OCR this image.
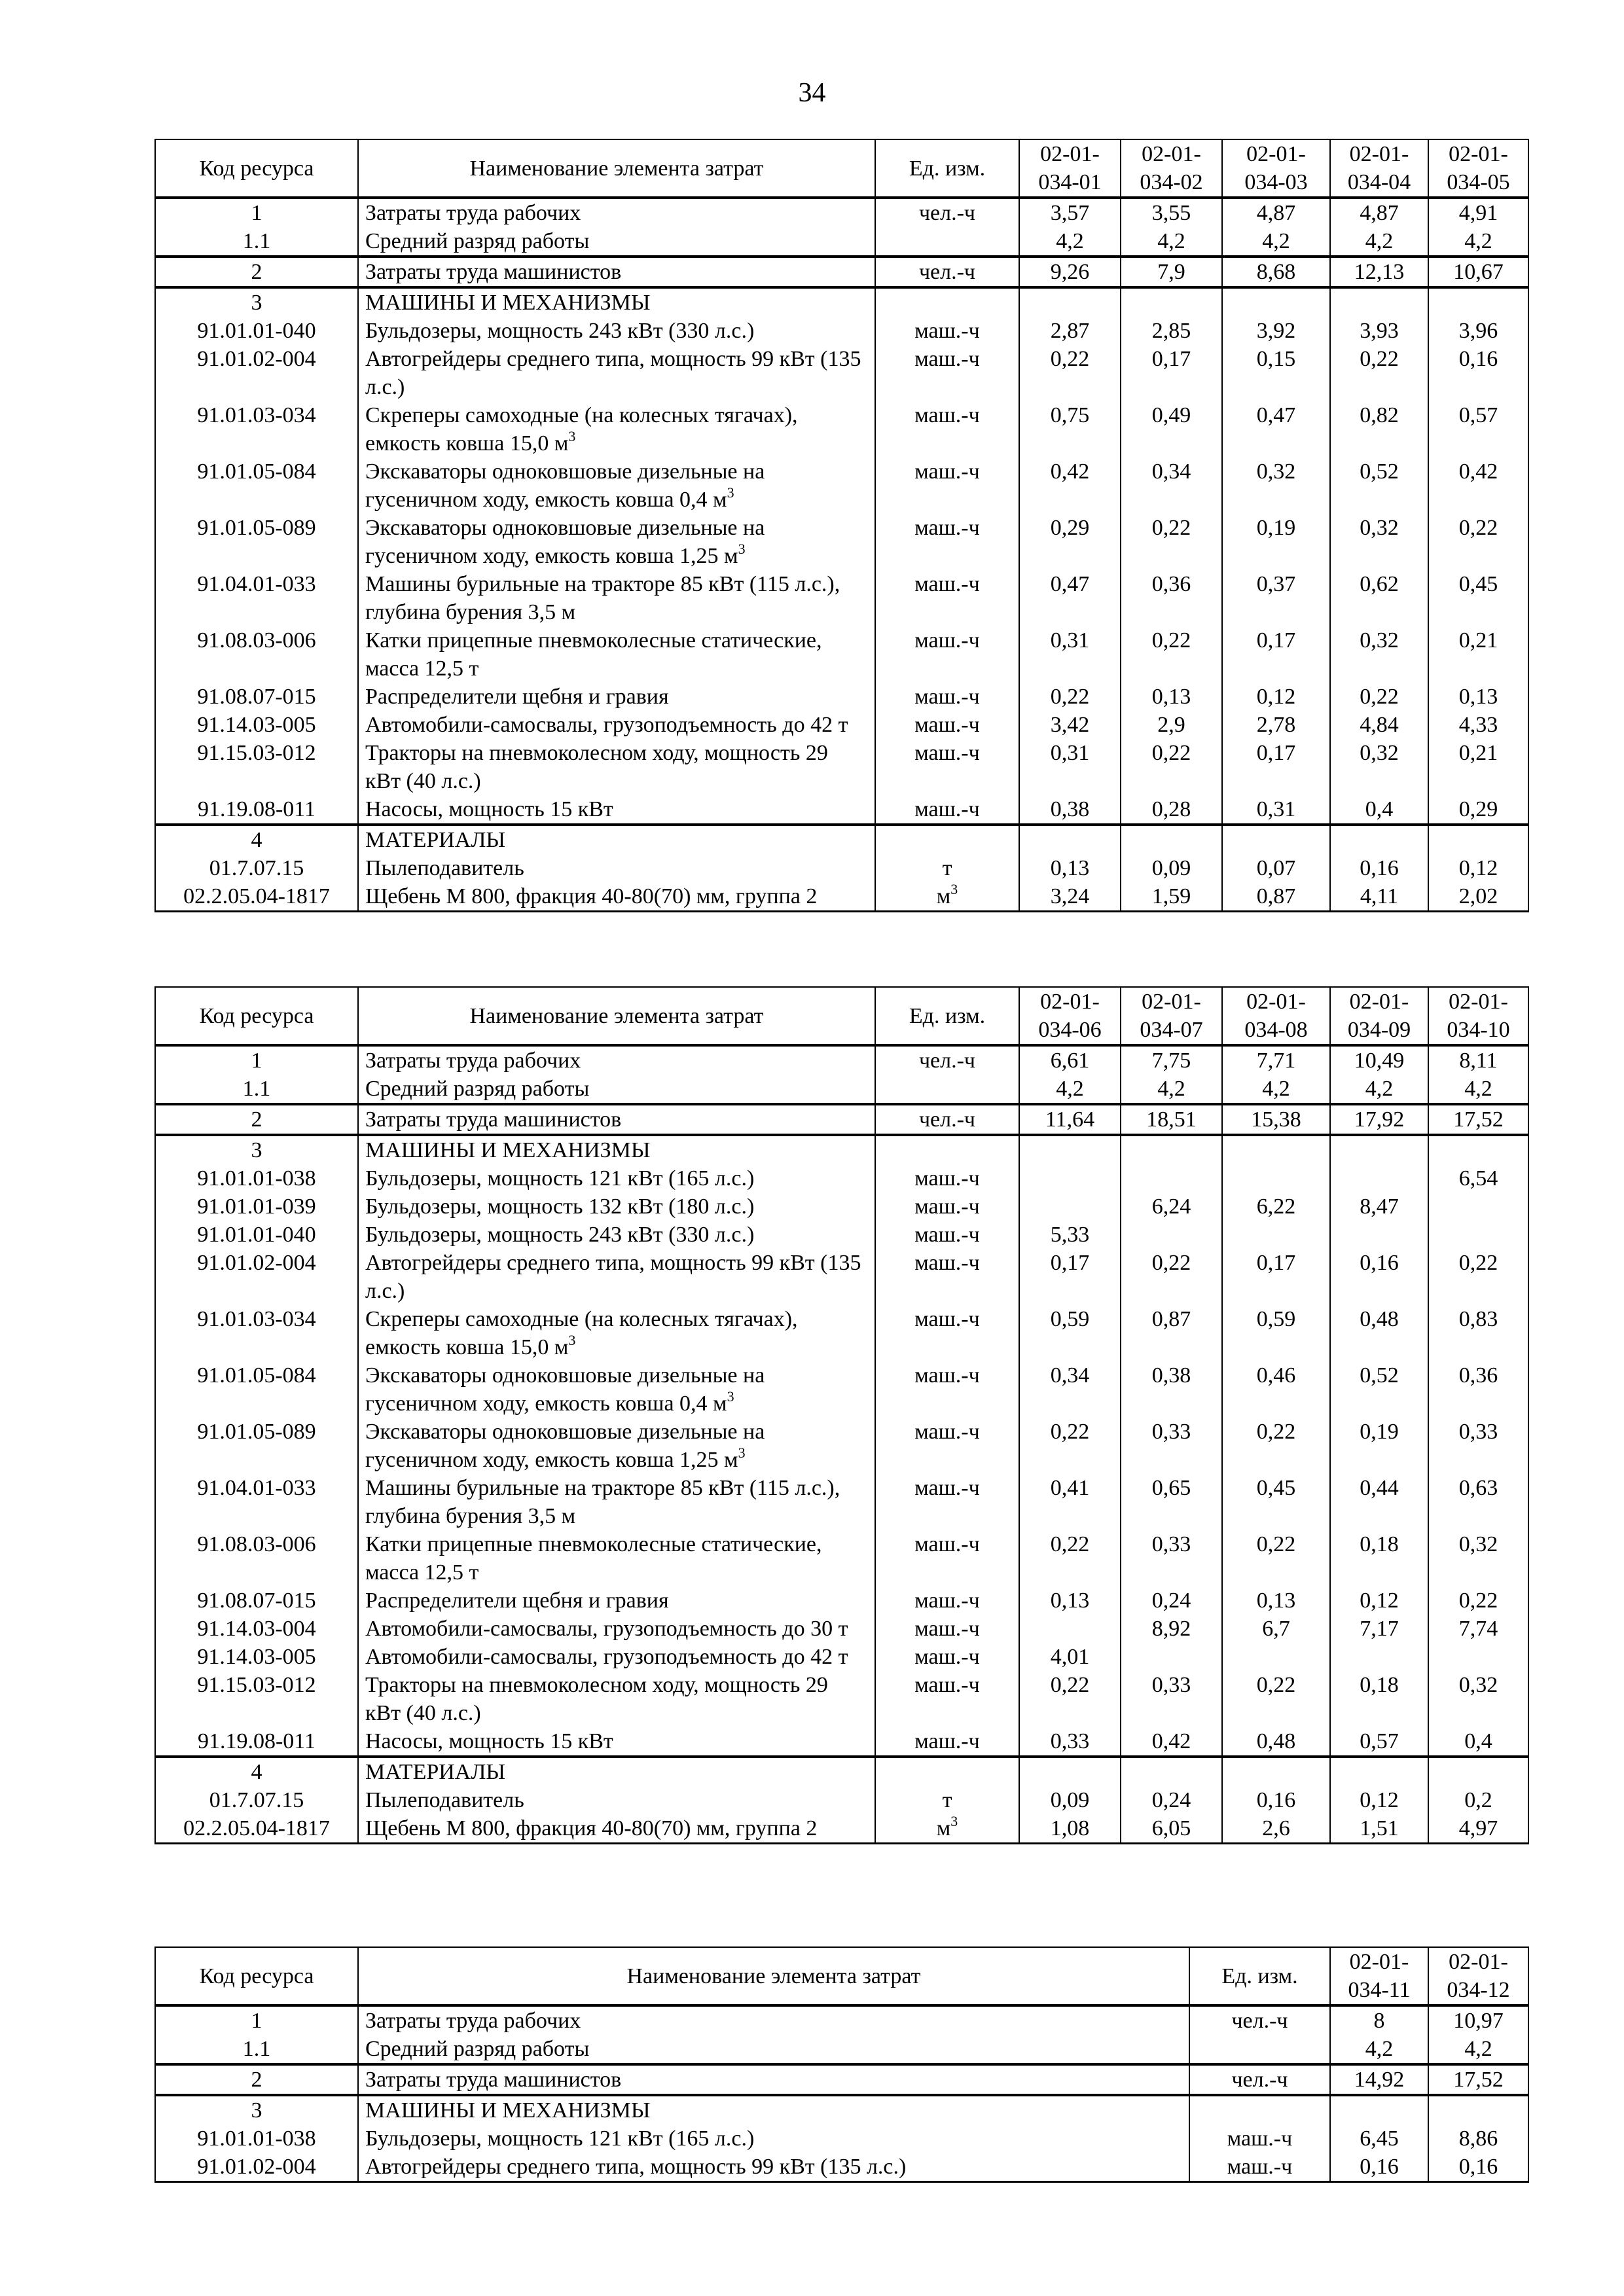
34
Код ресурса	Наименование элемента затрат	Ед. изм.	02-01-034-01	02-01-034-02	02-01-034-03	02-01-034-04	02-01-034-05
1	Затраты труда рабочих	чел.-ч	3,57	3,55	4,87	4,87	4,91
1.1	Средний разряд работы		4,2	4,2	4,2	4,2	4,2
2	Затраты труда машинистов	чел.-ч	9,26	7,9	8,68	12,13	10,67
3	МАШИНЫ И МЕХАНИЗМЫ						
91.01.01-040	Бульдозеры, мощность 243 кВт (330 л.с.)	маш.-ч	2,87	2,85	3,92	3,93	3,96
91.01.02-004	Автогрейдеры среднего типа, мощность 99 кВт (135 л.с.)	маш.-ч	0,22	0,17	0,15	0,22	0,16
91.01.03-034	Скреперы самоходные (на колесных тягачах), емкость ковша 15,0 $м^3$	маш.-ч	0,75	0,49	0,47	0,82	0,57
91.01.05-084	Экскаваторы одноковшовые дизельные на гусеничном ходу, емкость ковша 0,4 $м^3$	маш.-ч	0,42	0,34	0,32	0,52	0,42
91.01.05-089	Экскаваторы одноковшовые дизельные на гусеничном ходу, емкость ковша 1,25 $м^3$	маш.-ч	0,29	0,22	0,19	0,32	0,22
91.04.01-033	Машины бурильные на тракторе 85 кВт (115 л.с.), глубина бурения 3,5 м	маш.-ч	0,47	0,36	0,37	0,62	0,45
91.08.03-006	Катки прицепные пневмоколесные статические, масса 12,5 т	маш.-ч	0,31	0,22	0,17	0,32	0,21
91.08.07-015	Распределители щебня и гравия	маш.-ч	0,22	0,13	0,12	0,22	0,13
91.14.03-005	Автомобили-самосвалы, грузоподъемность до 42 т	маш.-ч	3,42	2,9	2,78	4,84	4,33
91.15.03-012	Тракторы на пневмоколесном ходу, мощность 29 кВт (40 л.с.)	маш.-ч	0,31	0,22	0,17	0,32	0,21
91.19.08-011	Насосы, мощность 15 кВт	маш.-ч	0,38	0,28	0,31	0,4	0,29
4	МАТЕРИАЛЫ						
01.7.07.15	Пылеподавитель	т	0,13	0,09	0,07	0,16	0,12
02.2.05.04-1817	Щебень М 800, фракция 40-80(70) мм, группа 2	$м^3$	3,24	1,59	0,87	4,11	2,02
Код ресурса	Наименование элемента затрат	Ед. изм.	02-01-034-06	02-01-034-07	02-01-034-08	02-01-034-09	02-01-034-10
1	Затраты труда рабочих	чел.-ч	6,61	7,75	7,71	10,49	8,11
1.1	Средний разряд работы		4,2	4,2	4,2	4,2	4,2
2	Затраты труда машинистов	чел.-ч	11,64	18,51	15,38	17,92	17,52
3	МАШИНЫ И МЕХАНИЗМЫ						
91.01.01-038	Бульдозеры, мощность 121 кВт (165 л.с.)	маш.-ч					6,54
91.01.01-039	Бульдозеры, мощность 132 кВт (180 л.с.)	маш.-ч		6,24	6,22	8,47	
91.01.01-040	Бульдозеры, мощность 243 кВт (330 л.с.)	маш.-ч	5,33				
91.01.02-004	Автогрейдеры среднего типа, мощность 99 кВт (135 л.с.)	маш.-ч	0,17	0,22	0,17	0,16	0,22
91.01.03-034	Скреперы самоходные (на колесных тягачах), емкость ковша 15,0 $м^3$	маш.-ч	0,59	0,87	0,59	0,48	0,83
91.01.05-084	Экскаваторы одноковшовые дизельные на гусеничном ходу, емкость ковша 0,4 $м^3$	маш.-ч	0,34	0,38	0,46	0,52	0,36
91.01.05-089	Экскаваторы одноковшовые дизельные на гусеничном ходу, емкость ковша 1,25 $м^3$	маш.-ч	0,22	0,33	0,22	0,19	0,33
91.04.01-033	Машины бурильные на тракторе 85 кВт (115 л.с.), глубина бурения 3,5 м	маш.-ч	0,41	0,65	0,45	0,44	0,63
91.08.03-006	Катки прицепные пневмоколесные статические, масса 12,5 т	маш.-ч	0,22	0,33	0,22	0,18	0,32
91.08.07-015	Распределители щебня и гравия	маш.-ч	0,13	0,24	0,13	0,12	0,22
91.14.03-004	Автомобили-самосвалы, грузоподъемность до 30 т	маш.-ч		8,92	6,7	7,17	7,74
91.14.03-005	Автомобили-самосвалы, грузоподъемность до 42 т	маш.-ч	4,01				
91.15.03-012	Тракторы на пневмоколесном ходу, мощность 29 кВт (40 л.с.)	маш.-ч	0,22	0,33	0,22	0,18	0,32
91.19.08-011	Насосы, мощность 15 кВт	маш.-ч	0,33	0,42	0,48	0,57	0,4
4	МАТЕРИАЛЫ						
01.7.07.15	Пылеподавитель	т	0,09	0,24	0,16	0,12	0,2
02.2.05.04-1817	Щебень М 800, фракция 40-80(70) мм, группа 2	$м^3$	1,08	6,05	2,6	1,51	4,97
Код ресурса	Наименование элемента затрат	Ед. изм.	02-01-034-11	02-01-034-12
1	Затраты труда рабочих	чел.-ч	8	10,97
1.1	Средний разряд работы		4,2	4,2
2	Затраты труда машинистов	чел.-ч	14,92	17,52
3	МАШИНЫ И МЕХАНИЗМЫ			
91.01.01-038	Бульдозеры, мощность 121 кВт (165 л.с.)	маш.-ч	6,45	8,86
91.01.02-004	Автогрейдеры среднего типа, мощность 99 кВт (135 л.с.)	маш.-ч	0,16	0,16
